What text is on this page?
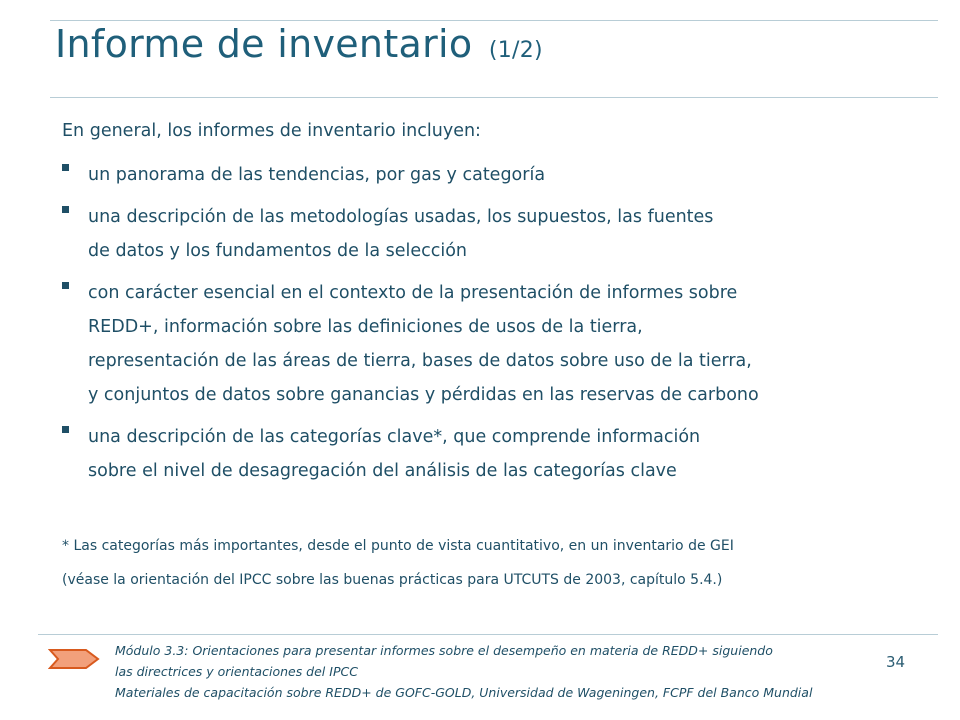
Informe de inventario (1/2)
En general, los informes de inventario incluyen:
un panorama de las tendencias, por gas y categoría
una descripción de las metodologías usadas, los supuestos, las fuentes
de datos y los fundamentos de la selección
con carácter esencial en el contexto de la presentación de informes sobre
REDD+, información sobre las definiciones de usos de la tierra,
representación de las áreas de tierra, bases de datos sobre uso de la tierra,
y conjuntos de datos sobre ganancias y pérdidas en las reservas de carbono
una descripción de las categorías clave*, que comprende información
sobre el nivel de desagregación del análisis de las categorías clave
* Las categorías más importantes, desde el punto de vista cuantitativo, en un inventario de GEI
(véase la orientación del IPCC sobre las buenas prácticas para UTCUTS de 2003, capítulo 5.4.)
Módulo 3.3: Orientaciones para presentar informes sobre el desempeño en materia de REDD+ siguiendo
las directrices y orientaciones del IPCC
Materiales de capacitación sobre REDD+ de GOFC-GOLD, Universidad de Wageningen, FCPF del Banco Mundial
34
